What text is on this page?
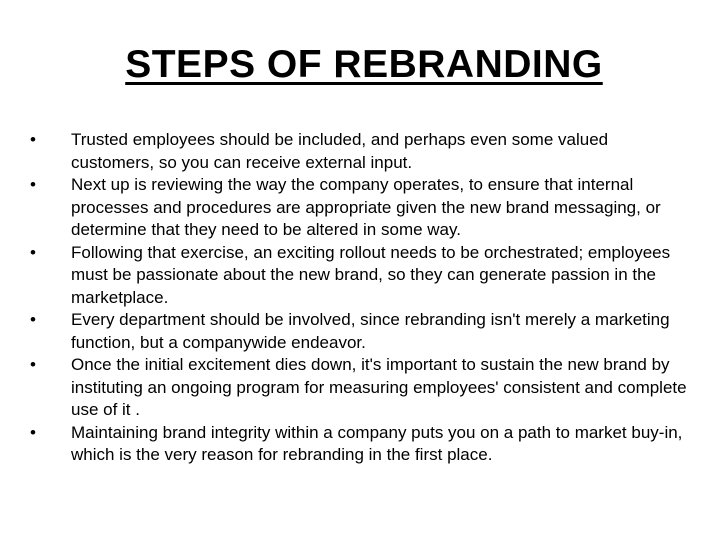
STEPS OF REBRANDING
•	Trusted employees should be included, and perhaps even some valued customers, so you can receive external input.
•	Next up is reviewing the way the company operates, to ensure that internal processes and procedures are appropriate given the new brand messaging, or determine that they need to be altered in some way.
•	Following that exercise, an exciting rollout needs to be orchestrated; employees must be passionate about the new brand, so they can generate passion in the marketplace.
•	Every department should be involved, since rebranding isn't merely a marketing function, but a companywide endeavor.
•	Once the initial excitement dies down, it's important to sustain the new brand by instituting an ongoing program for measuring employees' consistent and complete use of it .
•	Maintaining brand integrity within a company puts you on a path to market buy-in, which is the very reason for rebranding in the first place.
